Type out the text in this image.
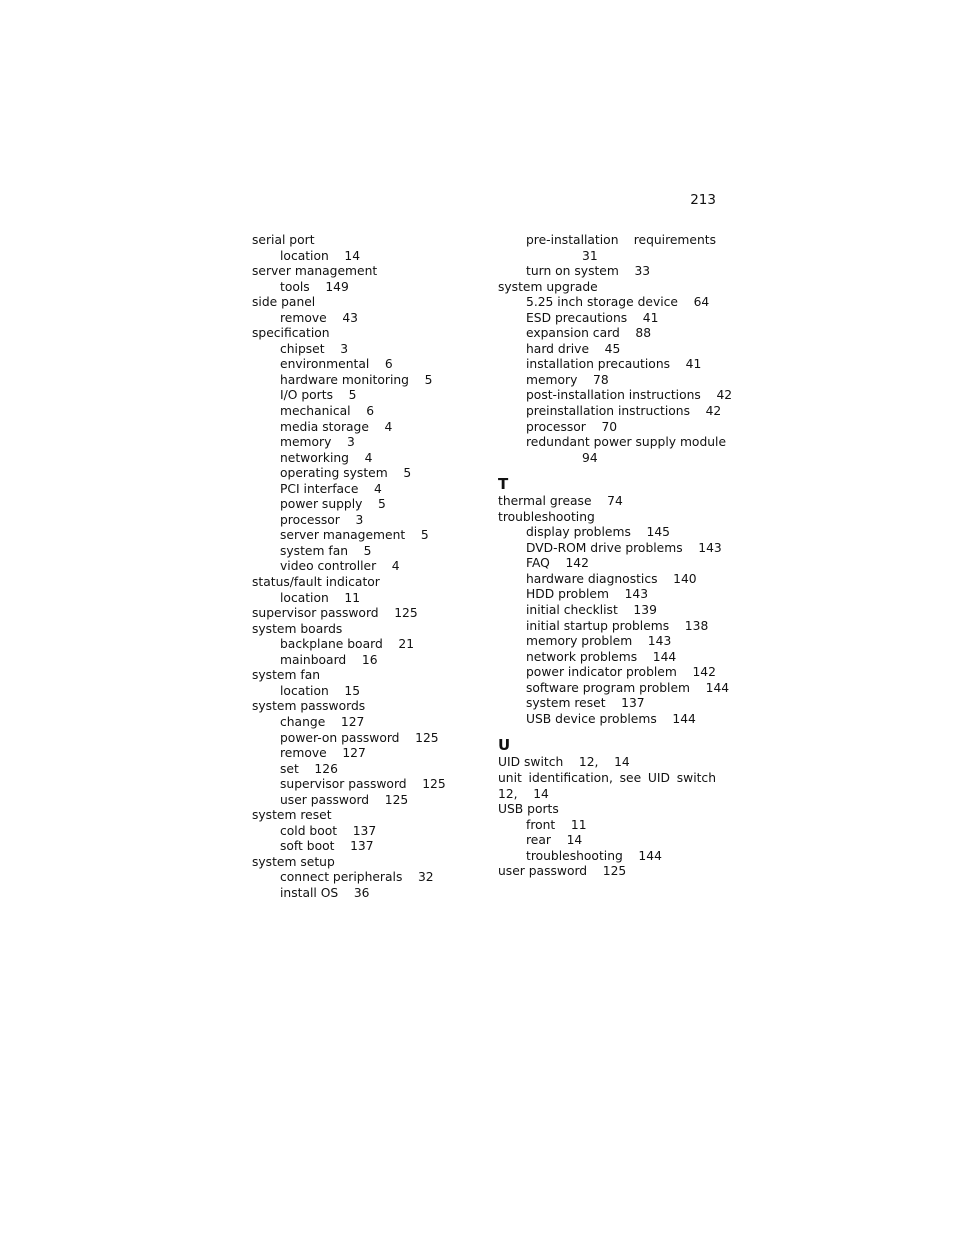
213
serial port
location    14
server management
tools    149
side panel
remove    43
specification
chipset    3
environmental    6
hardware monitoring    5
I/O ports    5
mechanical    6
media storage    4
memory    3
networking    4
operating system    5
PCI interface    4
power supply    5
processor    3
server management    5
system fan    5
video controller    4
status/fault indicator
location    11
supervisor password    125
system boards
backplane board    21
mainboard    16
system fan
location    15
system passwords
change    127
power-on password    125
remove    127
set    126
supervisor password    125
user password    125
system reset
cold boot    137
soft boot    137
system setup
connect peripherals    32
install OS    36
pre-installation requirements
31
turn on system    33
system upgrade
5.25 inch storage device    64
ESD precautions    41
expansion card    88
hard drive    45
installation precautions    41
memory    78
post-installation instructions    42
preinstallation instructions    42
processor    70
redundant power supply module
94
T
thermal grease    74
troubleshooting
display problems    145
DVD-ROM drive problems    143
FAQ    142
hardware diagnostics    140
HDD problem    143
initial checklist    139
initial startup problems    138
memory problem    143
network problems    144
power indicator problem    142
software program problem    144
system reset    137
USB device problems    144
U
UID switch    12,    14
unit identification, see UID switch
12,    14
USB ports
front    11
rear    14
troubleshooting    144
user password    125
